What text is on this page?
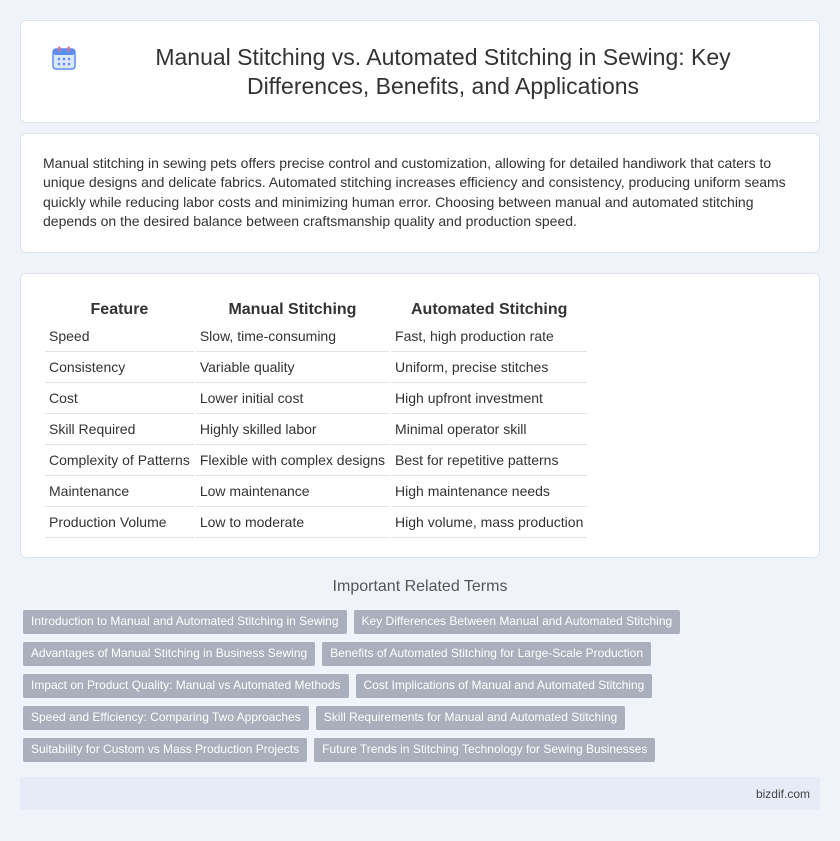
Manual Stitching vs. Automated Stitching in Sewing: Key Differences, Benefits, and Applications

Manual stitching in sewing pets offers precise control and customization, allowing for detailed handiwork that caters to unique designs and delicate fabrics. Automated stitching increases efficiency and consistency, producing uniform seams quickly while reducing labor costs and minimizing human error. Choosing between manual and automated stitching depends on the desired balance between craftsmanship quality and production speed.

Feature	Manual Stitching	Automated Stitching
Speed	Slow, time-consuming	Fast, high production rate
Consistency	Variable quality	Uniform, precise stitches
Cost	Lower initial cost	High upfront investment
Skill Required	Highly skilled labor	Minimal operator skill
Complexity of Patterns	Flexible with complex designs	Best for repetitive patterns
Maintenance	Low maintenance	High maintenance needs
Production Volume	Low to moderate	High volume, mass production
Important Related Terms
Introduction to Manual and Automated Stitching in Sewing	Key Differences Between Manual and Automated Stitching
Advantages of Manual Stitching in Business Sewing	Benefits of Automated Stitching for Large-Scale Production
Impact on Product Quality: Manual vs Automated Methods	Cost Implications of Manual and Automated Stitching
Speed and Efficiency: Comparing Two Approaches	Skill Requirements for Manual and Automated Stitching
Suitability for Custom vs Mass Production Projects	Future Trends in Stitching Technology for Sewing Businesses
bizdif.com
